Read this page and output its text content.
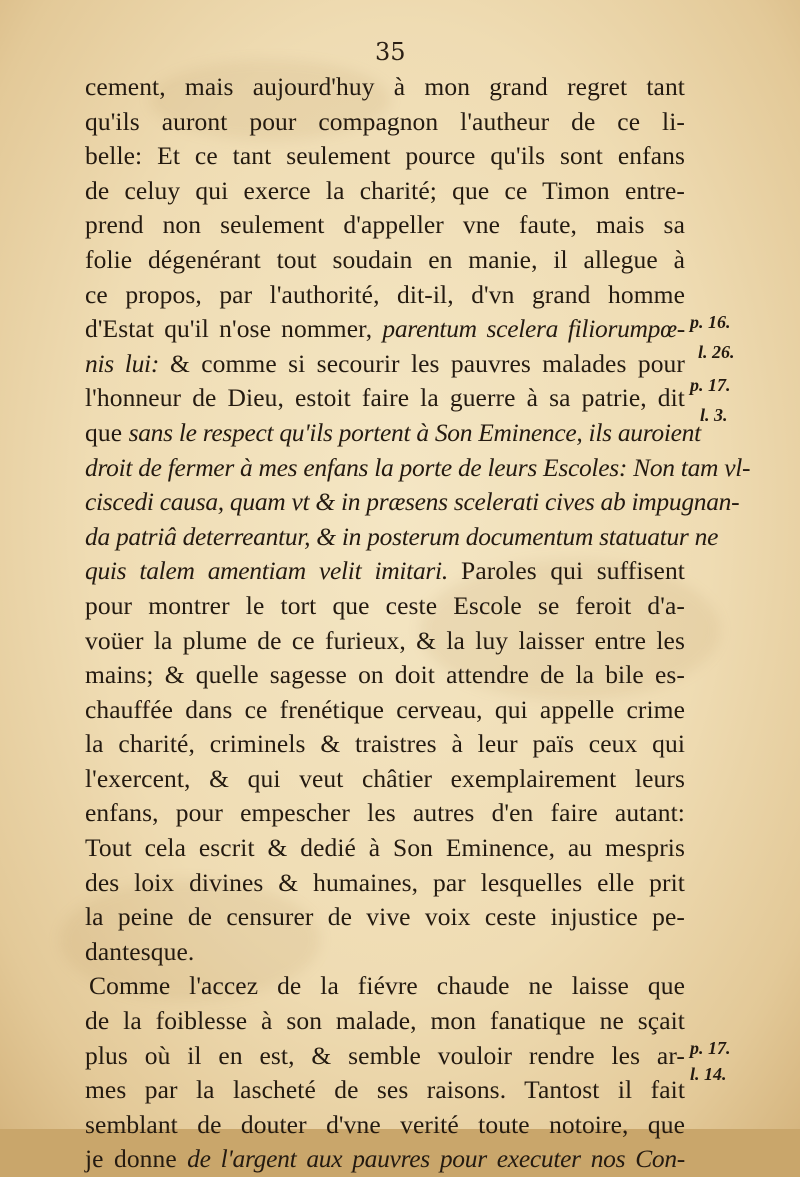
35
cement, mais aujourd'huy à mon grand regret tant
qu'ils auront pour compagnon l'autheur de ce li-
belle: Et ce tant seulement pource qu'ils sont enfans
de celuy qui exerce la charité; que ce Timon entre-
prend non seulement d'appeller vne faute, mais sa
folie dégenérant tout soudain en manie, il allegue à
ce propos, par l'authorité, dit-il, d'vn grand homme
d'Estat qu'il n'ose nommer, parentum scelera filiorumpœ-
nis lui: & comme si secourir les pauvres malades pour
l'honneur de Dieu, estoit faire la guerre à sa patrie, dit
que sans le respect qu'ils portent à Son Eminence, ils auroient
droit de fermer à mes enfans la porte de leurs Escoles: Non tam vl-
ciscedi causa, quam vt & in præsens scelerati cives ab impugnan-
da patriâ deterreantur, & in posterum documentum statuatur ne
quis talem amentiam velit imitari. Paroles qui suffisent
pour montrer le tort que ceste Escole se feroit d'a-
voüer la plume de ce furieux, & la luy laisser entre les
mains; & quelle sagesse on doit attendre de la bile es-
chauffée dans ce frenétique cerveau, qui appelle crime
la charité, criminels & traistres à leur païs ceux qui
l'exercent, & qui veut châtier exemplairement leurs
enfans, pour empescher les autres d'en faire autant:
Tout cela escrit & dedié à Son Eminence, au mespris
des loix divines & humaines, par lesquelles elle prit
la peine de censurer de vive voix ceste injustice pe-
dantesque.
Comme l'accez de la fiévre chaude ne laisse que
de la foiblesse à son malade, mon fanatique ne sçait
plus où il en est, & semble vouloir rendre les ar-
mes par la lascheté de ses raisons. Tantost il fait
semblant de douter d'vne verité toute notoire, que
je donne de l'argent aux pauvres pour executer nos Con-
p. 16.
l. 26.
p. 17.
l. 3.
p. 17.
l. 14.
